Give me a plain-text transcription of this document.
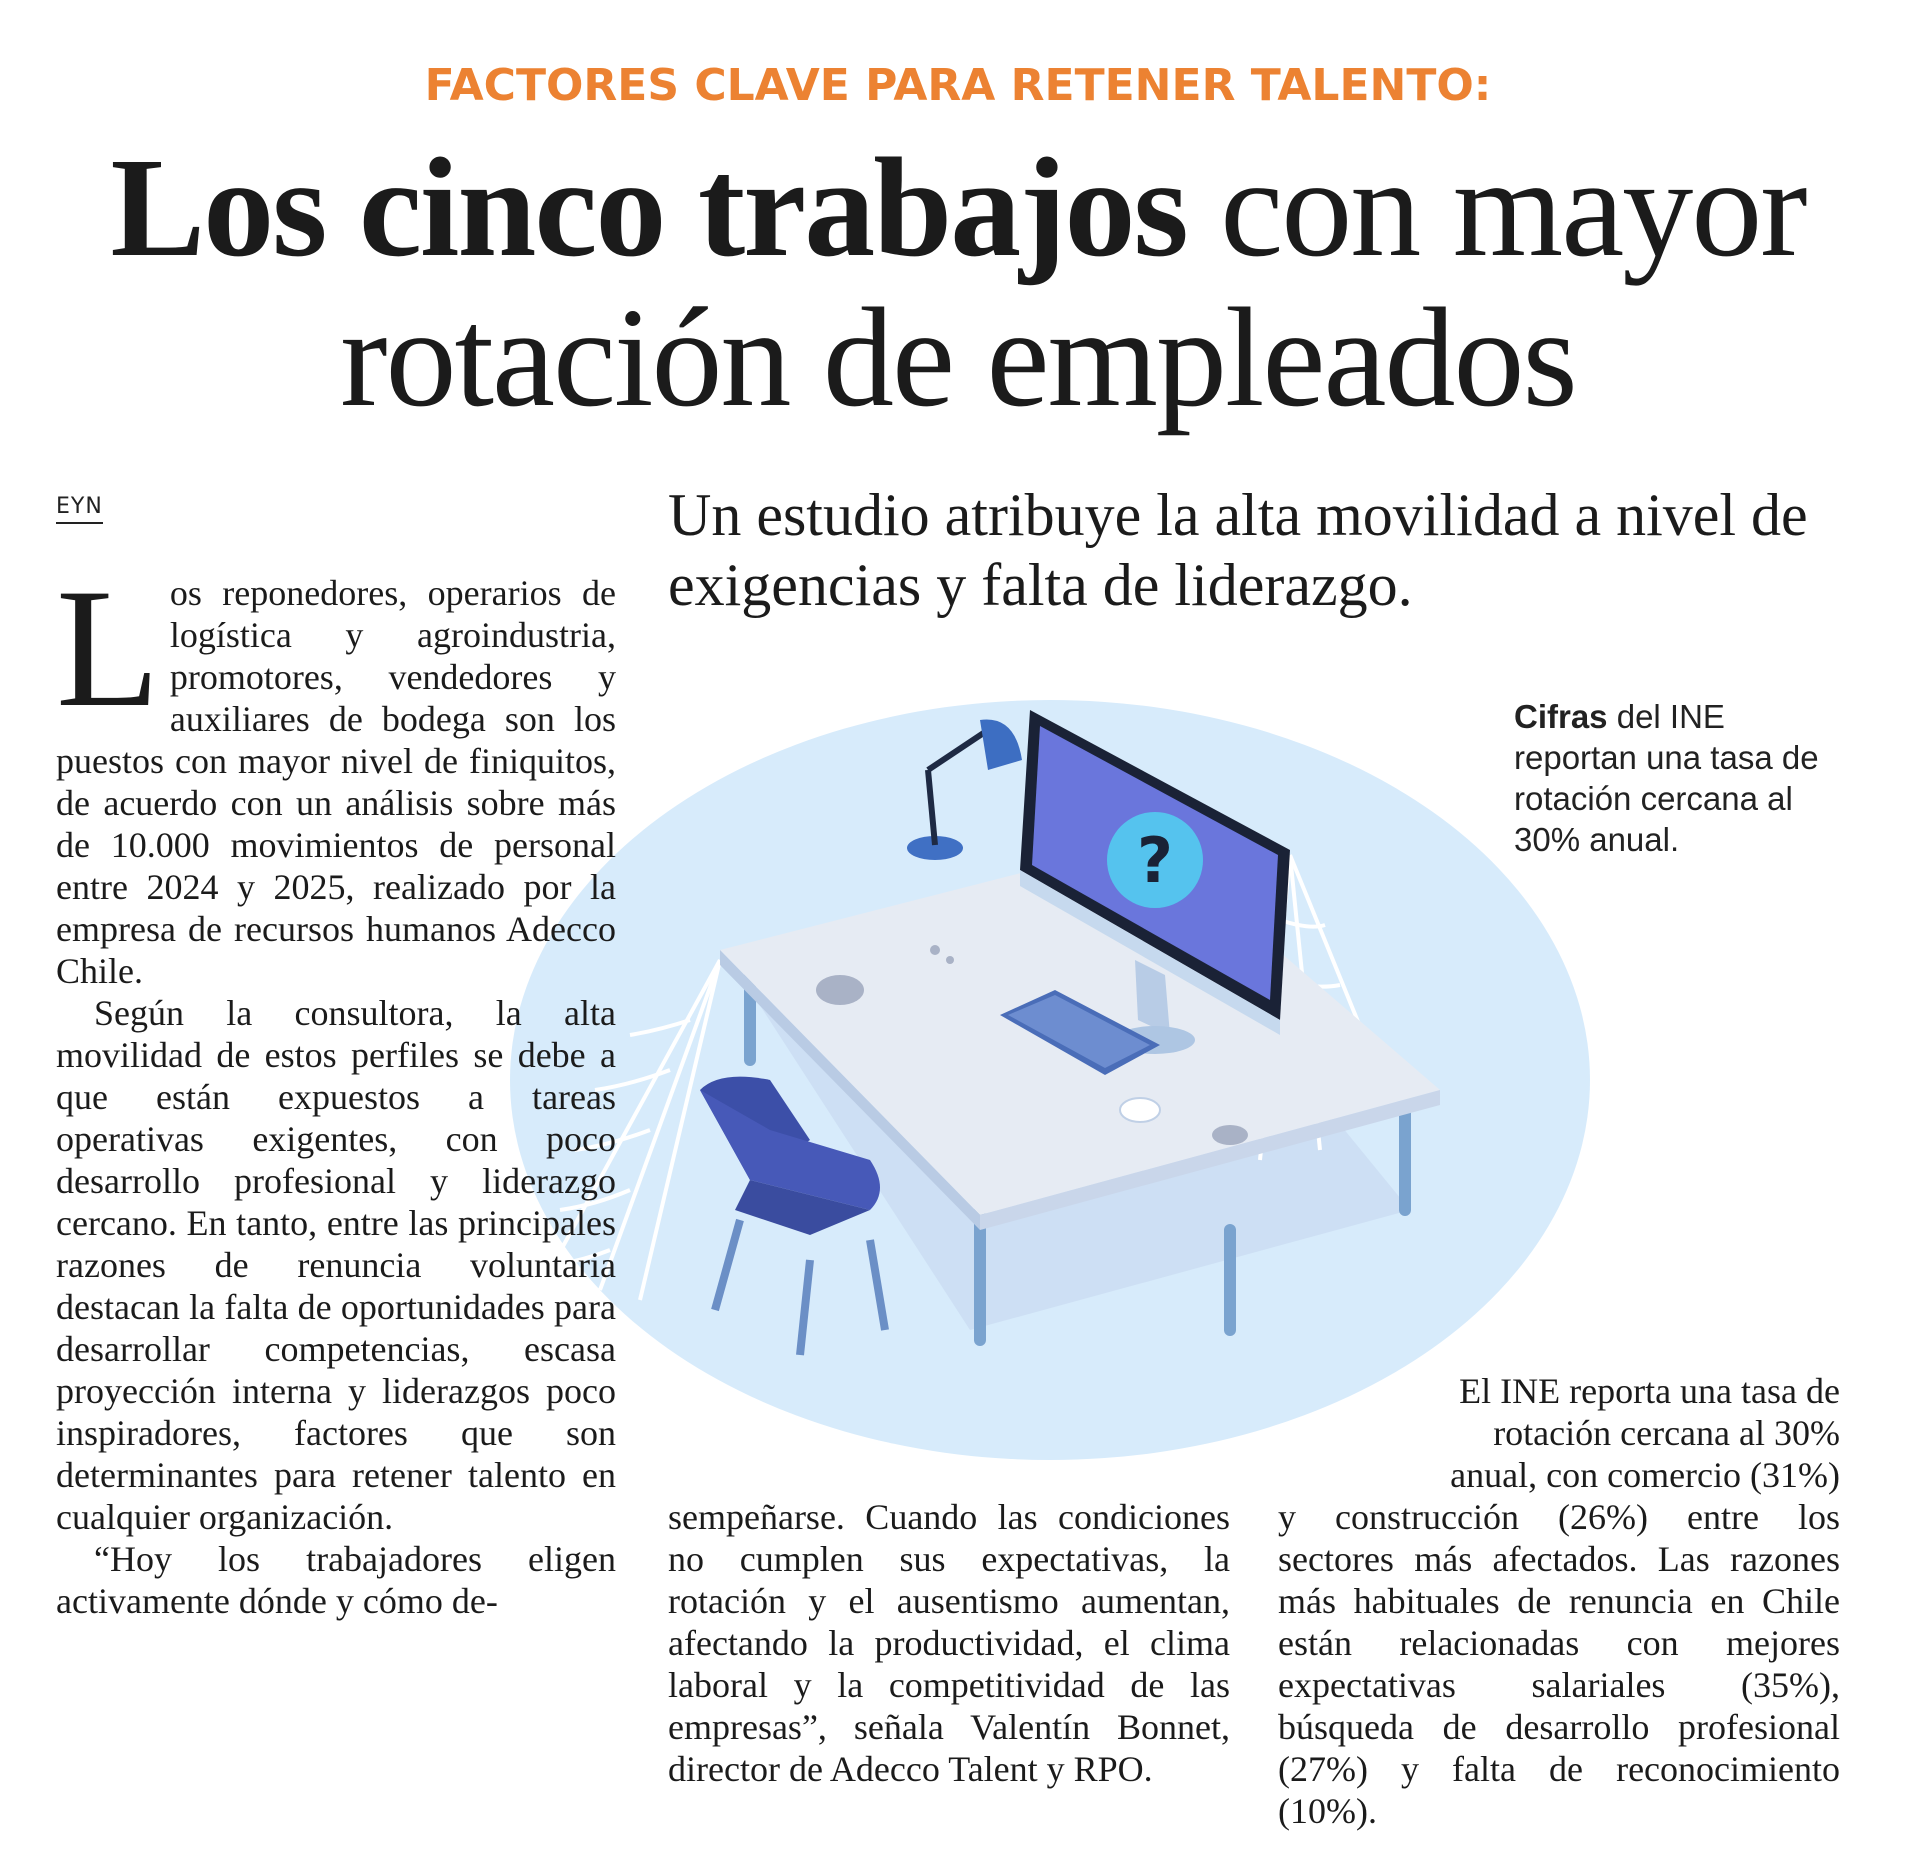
FACTORES CLAVE PARA RETENER TALENTO:
Los cinco trabajos con mayor rotación de empleados
EYN	Un estudio atribuye la alta movilidad a nivel de exigencias y falta de liderazgo.
Cifras del INE reportan una tasa de rotación cercana al 30% anual.
?
L os reponedores, operarios de logística y agroindustria, promotores, vendedores y auxiliares de bodega son los puestos con mayor nivel de finiquitos, de acuerdo con un análisis sobre más de 10.000 movimientos de personal entre 2024 y 2025, realizado por la empresa de recursos humanos Adecco Chile.

Según la consultora, la alta movilidad de estos perfiles se debe a que están expuestos a tareas operativas exigentes, con poco desarrollo profesional y liderazgo cercano. En tanto, entre las principales razones de renuncia voluntaria destacan la falta de oportunidades para desarrollar competencias, escasa proyección interna y liderazgos poco inspiradores, factores que son determinantes para retener talento en cualquier organización.

“Hoy los trabajadores eligen activamente dónde y cómo de-

sempeñarse. Cuando las condiciones no cumplen sus expectativas, la rotación y el ausentismo aumentan, afectando la productividad, el clima laboral y la competitividad de las empresas”, señala Valentín Bonnet, director de Adecco Talent y RPO.

El INE reporta una tasa de rotación cercana al 30% anual, con comercio (31%)

y construcción (26%) entre los sectores más afectados. Las razones más habituales de renuncia en Chile están relacionadas con mejores expectativas salariales (35%), búsqueda de desarrollo profesional (27%) y falta de reconocimiento (10%).
